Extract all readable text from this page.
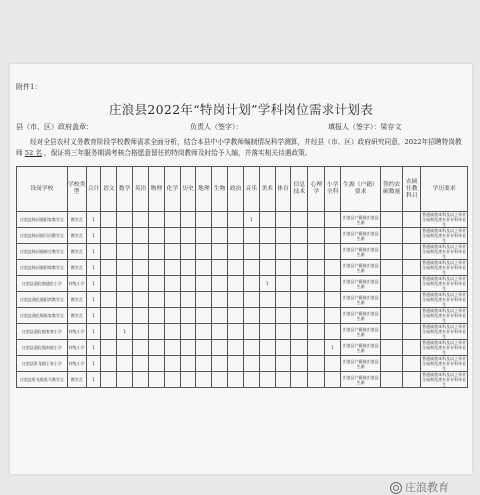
附件1：
庄浪县2022年“特岗计划”学科岗位需求计划表
县（市、区）政府盖章：	负责人（签字）：	填报人（签字）：梁存文
经对全县农村义务教育阶段学校教师需求全面分析，结合本县中小学教师编制情况科学测算，并经县（市、区）政府研究同意，2022年招聘特岗教师 52 名 ，保证将三年服务期满考核合格愿意留任的特岗教师及时给予入编，并落实相关待遇政策。
设岗学校	学校类型	合计	语文	数学	英语	物理	化学	历史	地理	生物	政治	音乐	美术	体育	信息技术	心理学	小学全科	生源（户籍）要求	签约农硕数量	农硕任教科目	学历要求
庄浪县杨河镇阳家教学点	教学点	1										1						庄浪县户籍或庄浪县生源			普通高校本科及以上毕业生或师范类专业专科毕业生
庄浪县杨河镇闫河教学点	教学点	1																庄浪县户籍或庄浪县生源			普通高校本科及以上毕业生或师范类专业专科毕业生
庄浪县杨河镇新庄教学点	教学点	1																庄浪县户籍或庄浪县生源			普通高校本科及以上毕业生或师范类专业专科毕业生
庄浪县杨河镇阴坡教学点	教学点	1																庄浪县户籍或庄浪县生源			普通高校本科及以上毕业生或师范类专业专科毕业生
庄浪县通化镇通化小学	村级小学	1											1					庄浪县户籍或庄浪县生源			普通高校本科及以上毕业生或师范类专业专科毕业生
庄浪县通化镇阳湾教学点	教学点	1																庄浪县户籍或庄浪县生源			普通高校本科及以上毕业生或师范类专业专科毕业生
庄浪县通化镇陈家教学点	教学点	1																庄浪县户籍或庄浪县生源			普通高校本科及以上毕业生或师范类专业专科毕业生
庄浪县通化镇张家小学	村级小学	1		1														庄浪县户籍或庄浪县生源			普通高校本科及以上毕业生或师范类专业专科毕业生
庄浪县通化镇南坡小学	村级小学	1															1	庄浪县户籍或庄浪县生源			普通高校本科及以上毕业生或师范类专业专科毕业生
庄浪县卧龙镇王家小学	村级小学	1																庄浪县户籍或庄浪县生源			普通高校本科及以上毕业生或师范类专业专科毕业生
庄浪县卧龙镇张马教学点	教学点	1																庄浪县户籍或庄浪县生源			普通高校本科及以上毕业生或师范类专业专科毕业生
庄浪教育
